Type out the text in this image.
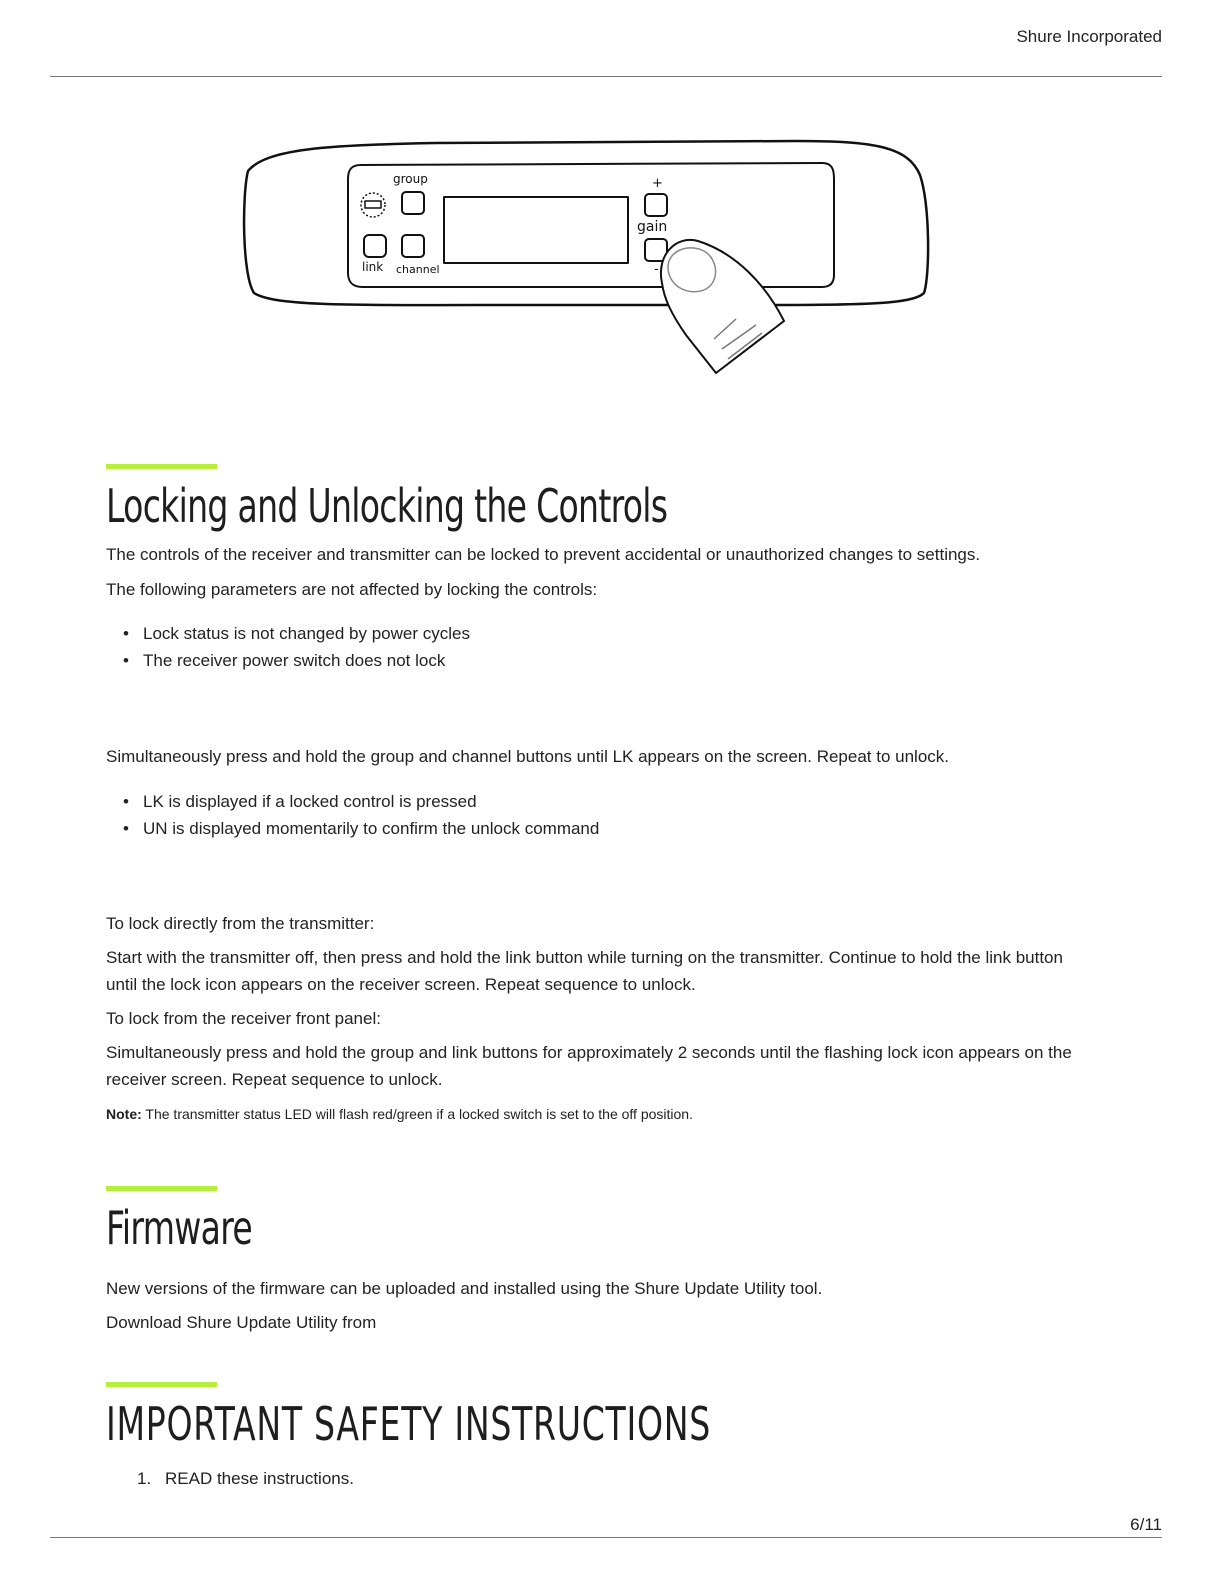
Shure Incorporated
group
link channel
gain
+
-
Locking and Unlocking the Controls

The controls of the receiver and transmitter can be locked to prevent accidental or unauthorized changes to settings.

The following parameters are not affected by locking the controls:

• Lock status is not changed by power cycles
• The receiver power switch does not lock

Simultaneously press and hold the group and channel buttons until LK appears on the screen. Repeat to unlock.

• LK is displayed if a locked control is pressed
• UN is displayed momentarily to confirm the unlock command

To lock directly from the transmitter:

Start with the transmitter off, then press and hold the link button while turning on the transmitter. Continue to hold the link button until the lock icon appears on the receiver screen. Repeat sequence to unlock.

To lock from the receiver front panel:

Simultaneously press and hold the group and link buttons for approximately 2 seconds until the flashing lock icon appears on the receiver screen. Repeat sequence to unlock.

Note: The transmitter status LED will flash red/green if a locked switch is set to the off position.

Firmware

New versions of the firmware can be uploaded and installed using the Shure Update Utility tool.

Download Shure Update Utility from

IMPORTANT SAFETY INSTRUCTIONS
1. READ these instructions.
6/11
